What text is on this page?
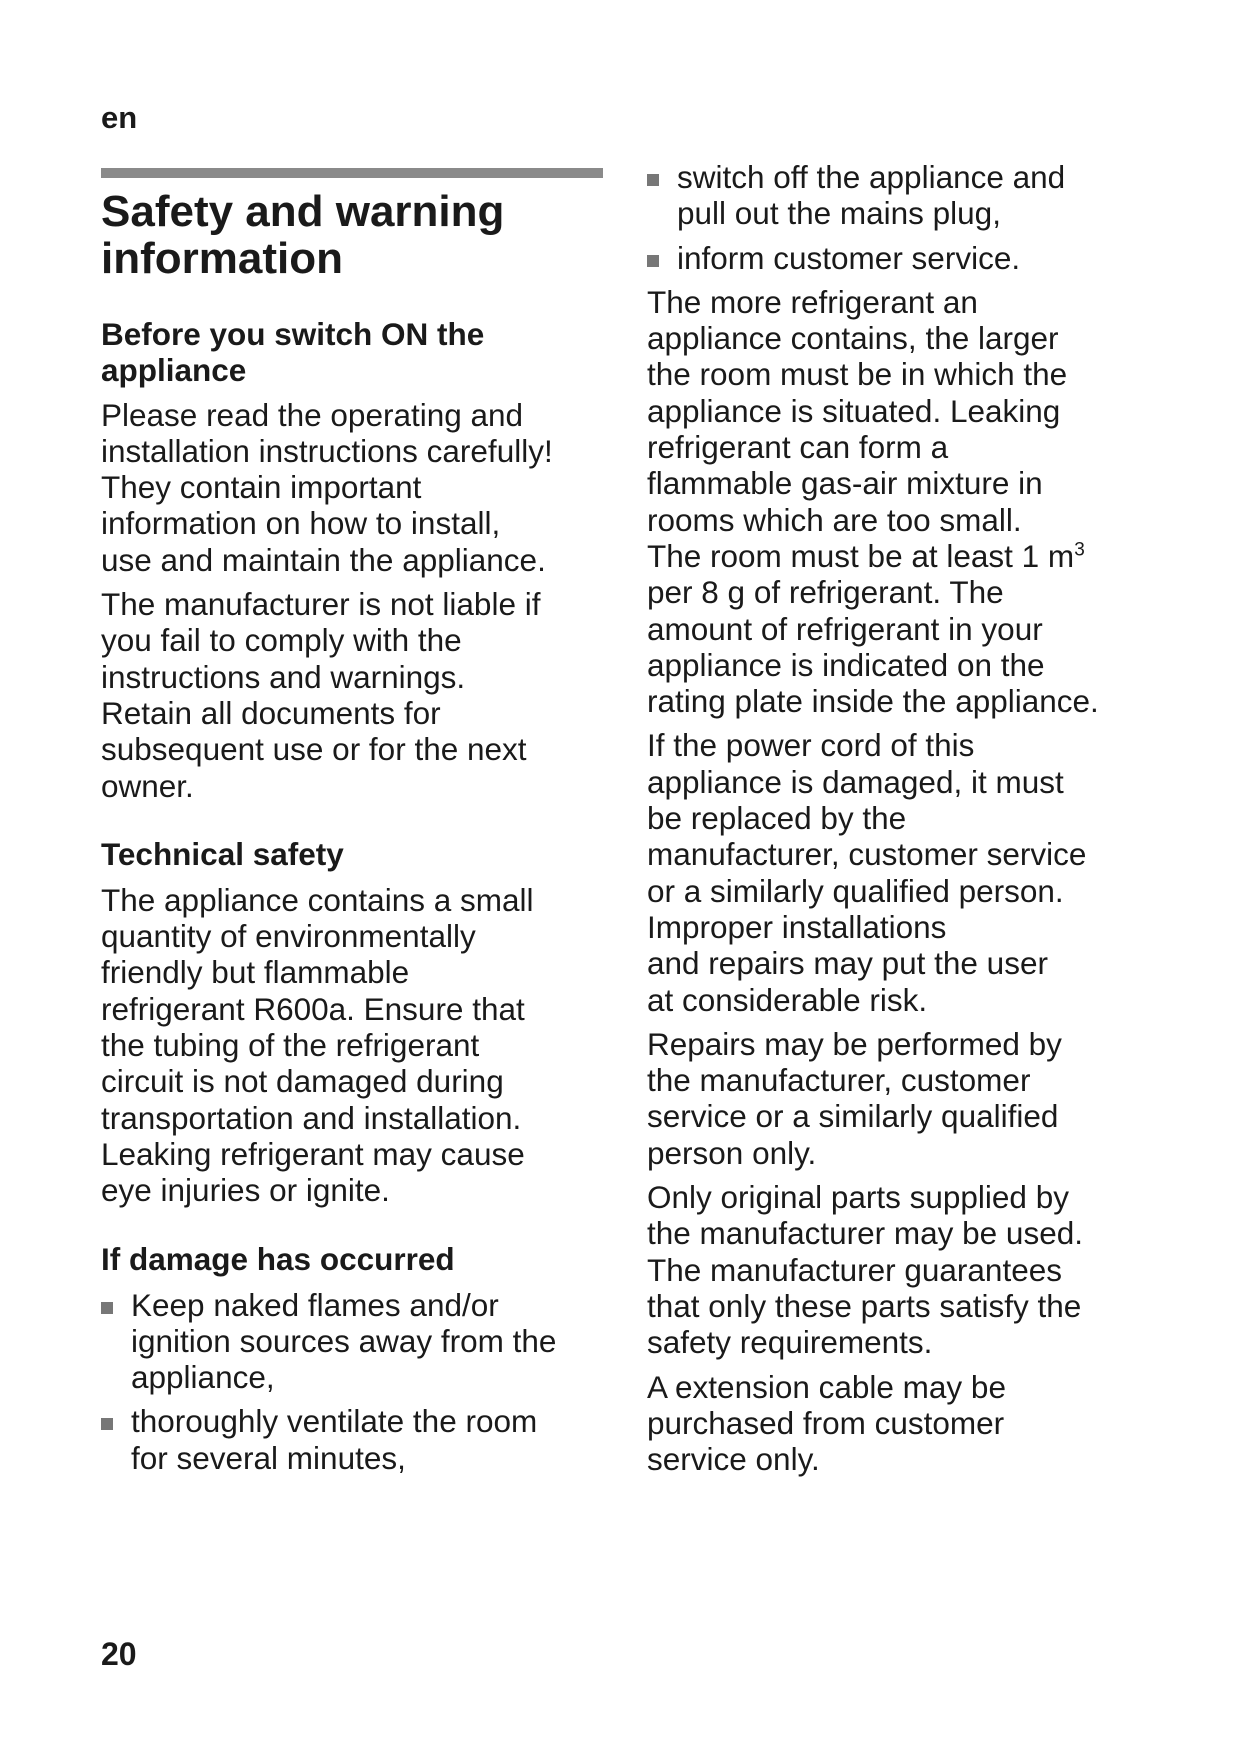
en
Safety and warning
information
Before you switch ON the
appliance
Please read the operating and
installation instructions carefully!
They contain important
information on how to install,
use and maintain the appliance.
The manufacturer is not liable if
you fail to comply with the
instructions and warnings.
Retain all documents for
subsequent use or for the next
owner.
Technical safety
The appliance contains a small
quantity of environmentally
friendly but flammable
refrigerant R600a. Ensure that
the tubing of the refrigerant
circuit is not damaged during
transportation and installation.
Leaking refrigerant may cause
eye injuries or ignite.
If damage has occurred
Keep naked flames and/or
ignition sources away from the
appliance,
thoroughly ventilate the room
for several minutes,
switch off the appliance and
pull out the mains plug,
inform customer service.
The more refrigerant an
appliance contains, the larger
the room must be in which the
appliance is situated. Leaking
refrigerant can form a
flammable gas-air mixture in
rooms which are too small.
The room must be at least 1 $m^3$
per 8 g of refrigerant. The
amount of refrigerant in your
appliance is indicated on the
rating plate inside the appliance.
If the power cord of this
appliance is damaged, it must
be replaced by the
manufacturer, customer service
or a similarly qualified person.
Improper installations
and repairs may put the user
at considerable risk.
Repairs may be performed by
the manufacturer, customer
service or a similarly qualified
person only.
Only original parts supplied by
the manufacturer may be used.
The manufacturer guarantees
that only these parts satisfy the
safety requirements.
A extension cable may be
purchased from customer
service only.
20
